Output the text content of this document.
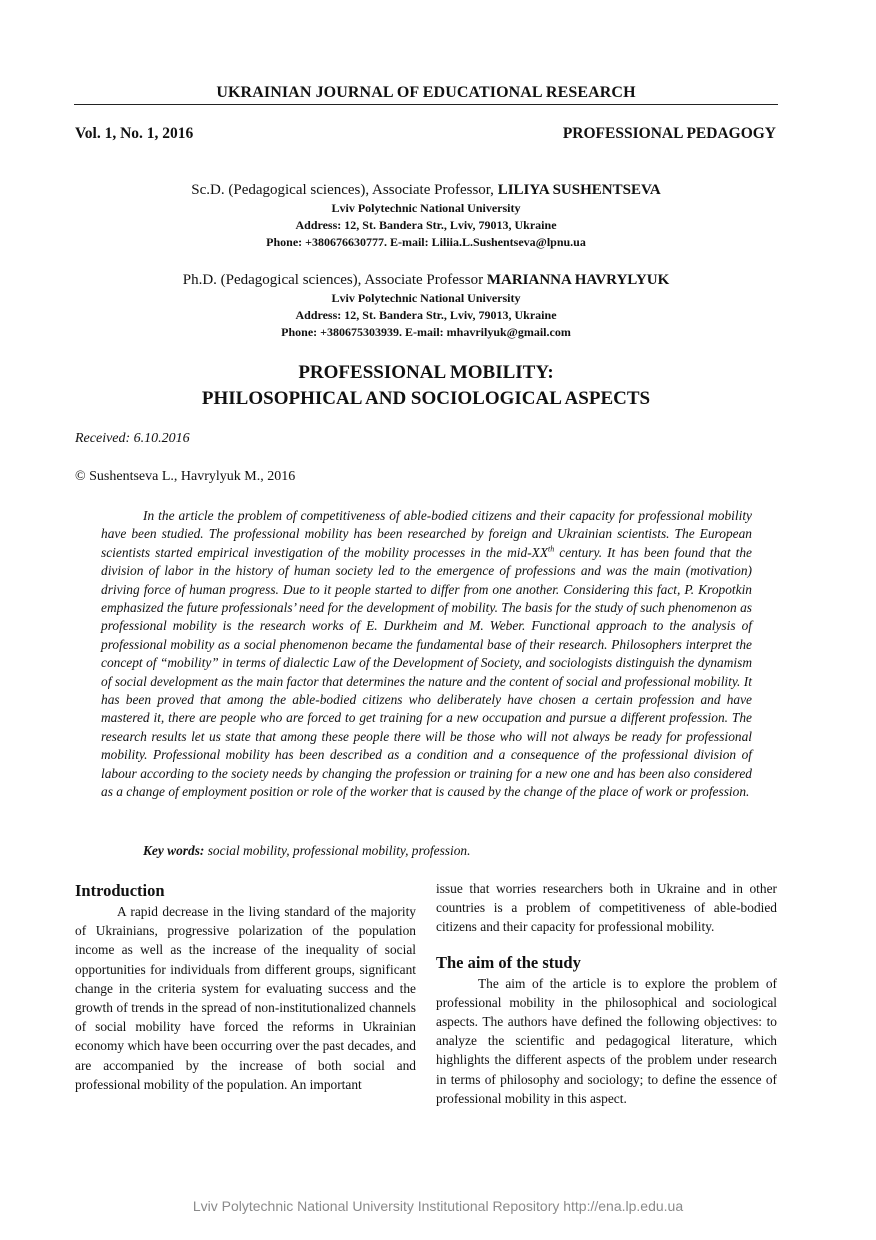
UKRAINIAN JOURNAL OF EDUCATIONAL RESEARCH
Vol. 1, No. 1, 2016	PROFESSIONAL PEDAGOGY
Sc.D. (Pedagogical sciences), Associate Professor, LILIYA SUSHENTSEVA
Lviv Polytechnic National University
Address: 12, St. Bandera Str., Lviv, 79013, Ukraine
Phone: +380676630777. E-mail: Liliia.L.Sushentseva@lpnu.ua
Ph.D. (Pedagogical sciences), Associate Professor MARIANNA HAVRYLYUK
Lviv Polytechnic National University
Address: 12, St. Bandera Str., Lviv, 79013, Ukraine
Phone: +380675303939. E-mail: mhavrilyuk@gmail.com
PROFESSIONAL MOBILITY:
PHILOSOPHICAL AND SOCIOLOGICAL ASPECTS
Received: 6.10.2016
© Sushentseva L., Havrylyuk M., 2016

In the article the problem of competitiveness of able-bodied citizens and their capacity for professional mobility have been studied. The professional mobility has been researched by foreign and Ukrainian scientists. The European scientists started empirical investigation of the mobility processes in the mid-XXth century. It has been found that the division of labor in the history of human society led to the emergence of professions and was the main (motivation) driving force of human progress. Due to it people started to differ from one another. Considering this fact, P. Kropotkin emphasized the future professionals’ need for the development of mobility. The basis for the study of such phenomenon as professional mobility is the research works of E. Durkheim and M. Weber. Functional approach to the analysis of professional mobility as a social phenomenon became the fundamental base of their research. Philosophers interpret the concept of “mobility” in terms of dialectic Law of the Development of Society, and sociologists distinguish the dynamism of social development as the main factor that determines the nature and the content of social and professional mobility. It has been proved that among the able-bodied citizens who deliberately have chosen a certain profession and have mastered it, there are people who are forced to get training for a new occupation and pursue a different profession. The research results let us state that among these people there will be those who will not always be ready for professional mobility. Professional mobility has been described as a condition and a consequence of the professional division of labour according to the society needs by changing the profession or training for a new one and has been also considered as a change of employment position or role of the worker that is caused by the change of the place of work or profession.

Key words: social mobility, professional mobility, profession.

Introduction

A rapid decrease in the living standard of the majority of Ukrainians, progressive polarization of the population income as well as the increase of the inequality of social opportunities for individuals from different groups, significant change in the criteria system for evaluating success and the growth of trends in the spread of non-institutionalized channels of social mobility have forced the reforms in Ukrainian economy which have been occurring over the past decades, and are accompanied by the increase of both social and professional mobility of the population. An important

issue that worries researchers both in Ukraine and in other countries is a problem of competitiveness of able-bodied citizens and their capacity for professional mobility.

The aim of the study

The aim of the article is to explore the problem of professional mobility in the philosophical and sociological aspects. The authors have defined the following objectives: to analyze the scientific and pedagogical literature, which highlights the different aspects of the problem under research in terms of philosophy and sociology; to define the essence of professional mobility in this aspect.

Lviv Polytechnic National University Institutional Repository http://ena.lp.edu.ua
